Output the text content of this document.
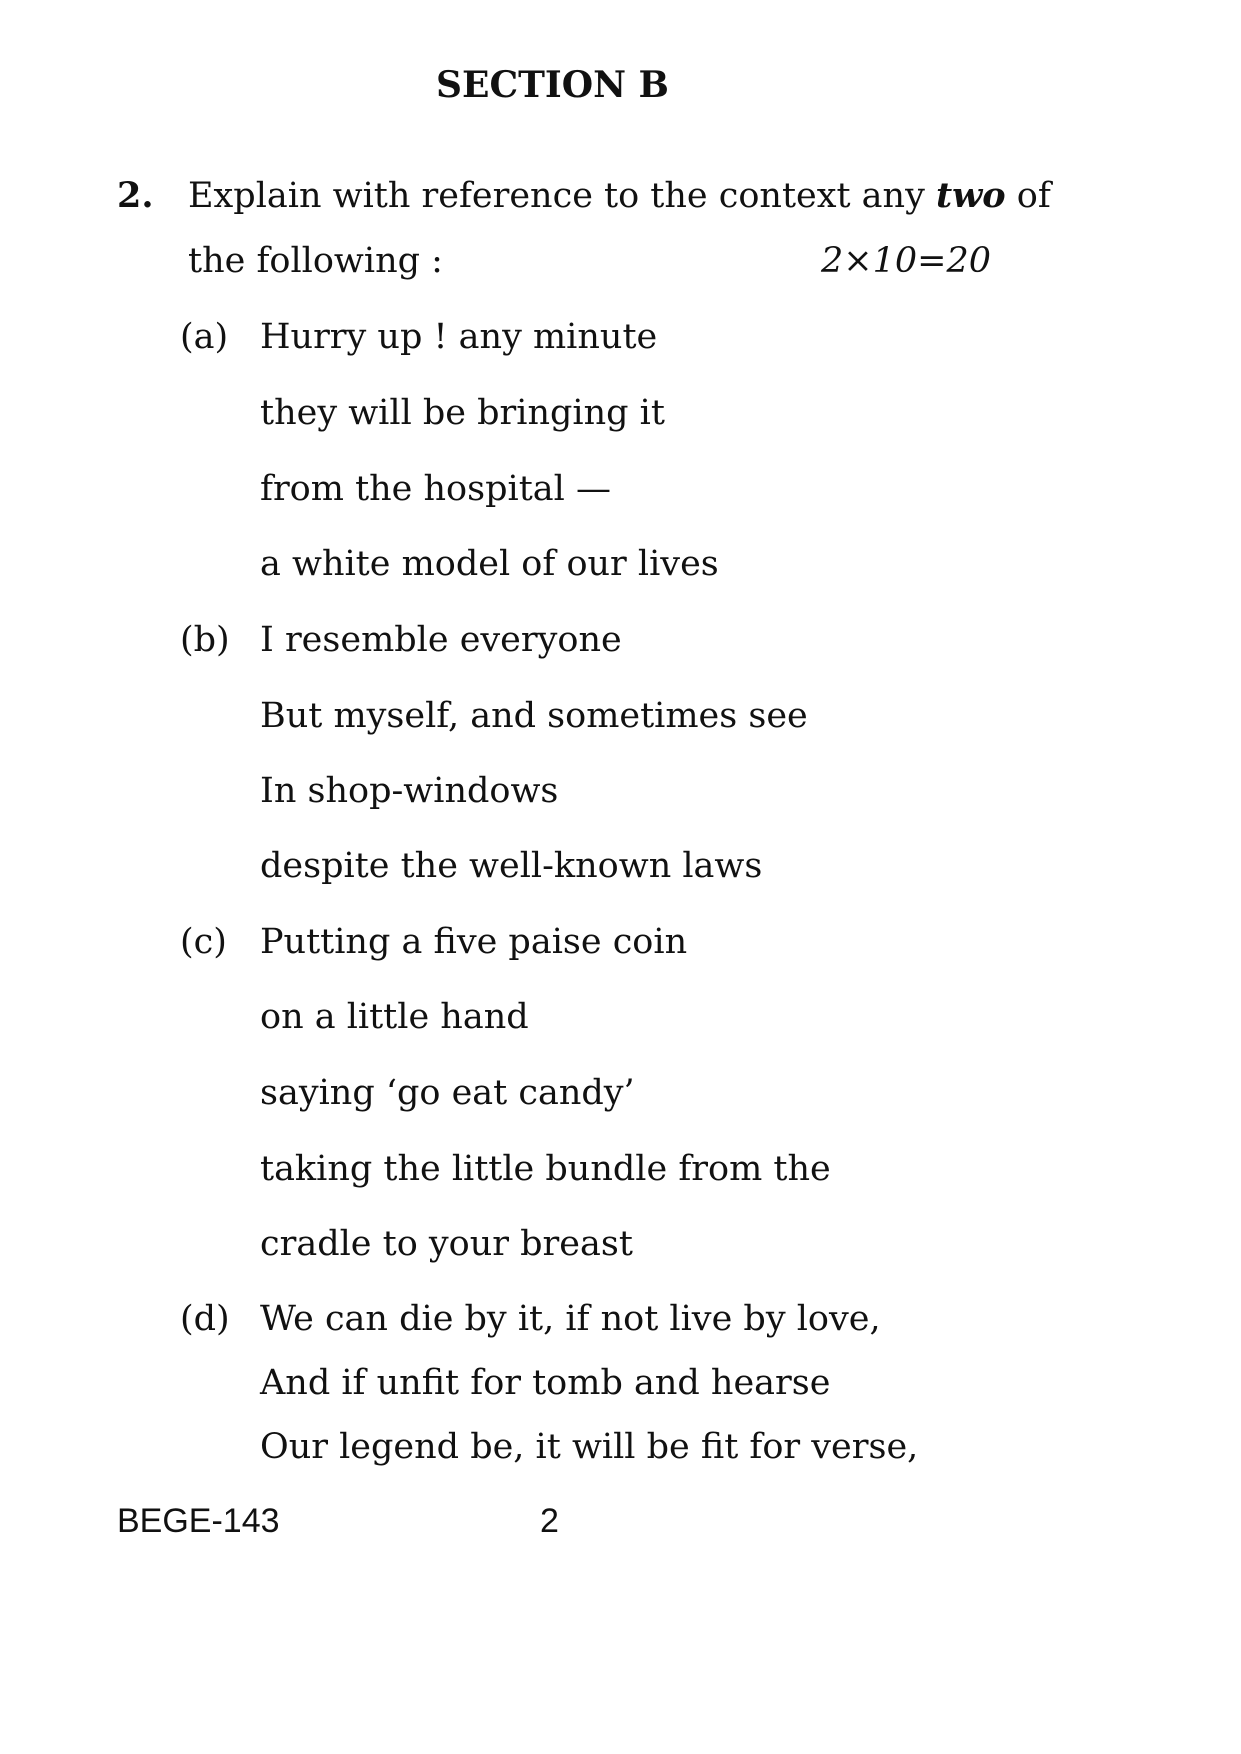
SECTION B
2. Explain with reference to the context any two of
the following :	2×10=20
(a) Hurry up ! any minute
they will be bringing it
from the hospital —
a white model of our lives
(b) I resemble everyone
But myself, and sometimes see
In shop-windows
despite the well-known laws
(c) Putting a five paise coin
on a little hand
saying ‘go eat candy’
taking the little bundle from the
cradle to your breast
(d) We can die by it, if not live by love,
And if unfit for tomb and hearse
Our legend be, it will be fit for verse,
BEGE-143	2
